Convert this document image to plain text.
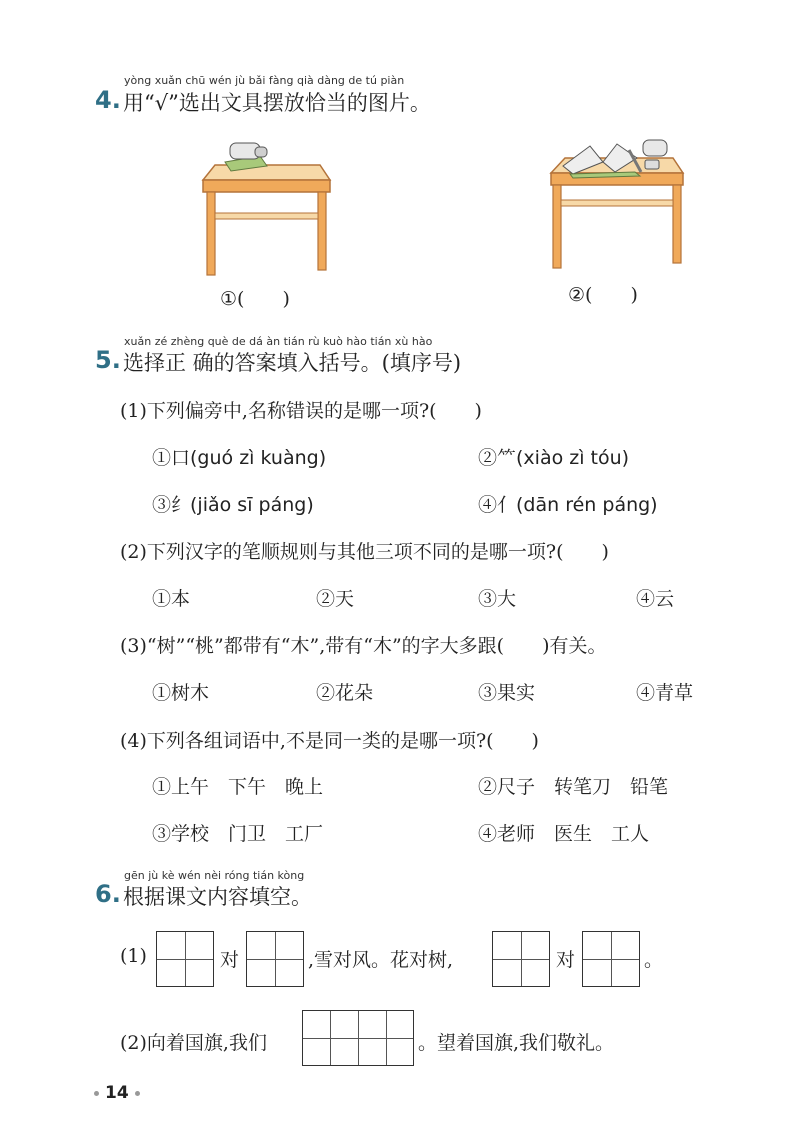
yòng xuǎn chū wén jù bǎi fàng qià dàng de tú piàn
4. 用“√”选出文具摆放恰当的图片。
①(　　)	②(　　)
xuǎn zé zhèng què de dá àn tián rù kuò hào tián xù hào
5. 选择正 确的答案填入括号。(填序号)
(1)下列偏旁中,名称错误的是哪一项?(　　)
①口(guó zì kuàng)	②⺮(xiào zì tóu)
③纟(jiǎo sī páng)	④亻(dān rén páng)
(2)下列汉字的笔顺规则与其他三项不同的是哪一项?(　　)
①本	②天	③大	④云
(3)“树”“桃”都带有“木”,带有“木”的字大多跟(　　)有关。
①树木	②花朵	③果实	④青草
(4)下列各组词语中,不是同一类的是哪一项?(　　)
①上午　下午　晚上	②尺子　转笔刀　铅笔
③学校　门卫　工厂	④老师　医生　工人
gēn jù kè wén nèi róng tián kòng
6. 根据课文内容填空。
(1)	对	,雪对风。花对树,	对	。
(2)向着国旗,我们	。望着国旗,我们敬礼。
14
